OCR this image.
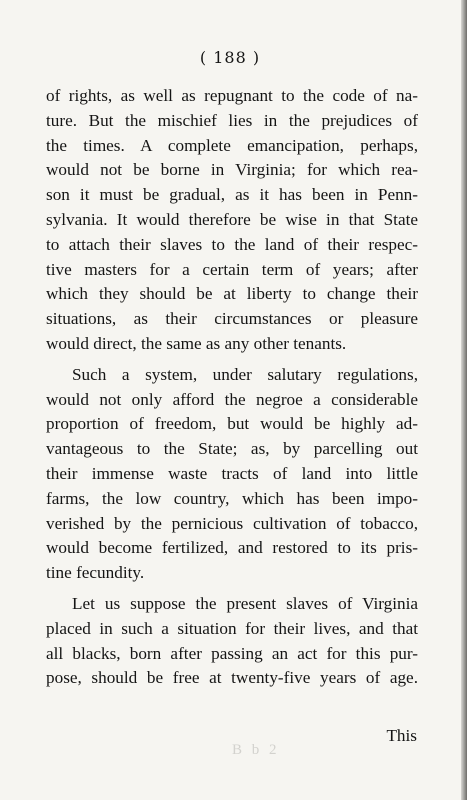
( 188 )

of rights, as well as repugnant to the code of na-
ture. But the mischief lies in the prejudices of
the times. A complete emancipation, perhaps,
would not be borne in Virginia; for which rea-
son it must be gradual, as it has been in Penn-
sylvania. It would therefore be wise in that State
to attach their slaves to the land of their respec-
tive masters for a certain term of years; after
which they should be at liberty to change their
situations, as their circumstances or pleasure
would direct, the same as any other tenants.

Such a system, under salutary regulations,
would not only afford the negroe a considerable
proportion of freedom, but would be highly ad-
vantageous to the State; as, by parcelling out
their immense waste tracts of land into little
farms, the low country, which has been impo-
verished by the pernicious cultivation of tobacco,
would become fertilized, and restored to its pris-
tine fecundity.

Let us suppose the present slaves of Virginia
placed in such a situation for their lives, and that
all blacks, born after passing an act for this pur-
pose, should be free at twenty-five years of age.

This
B b 2
